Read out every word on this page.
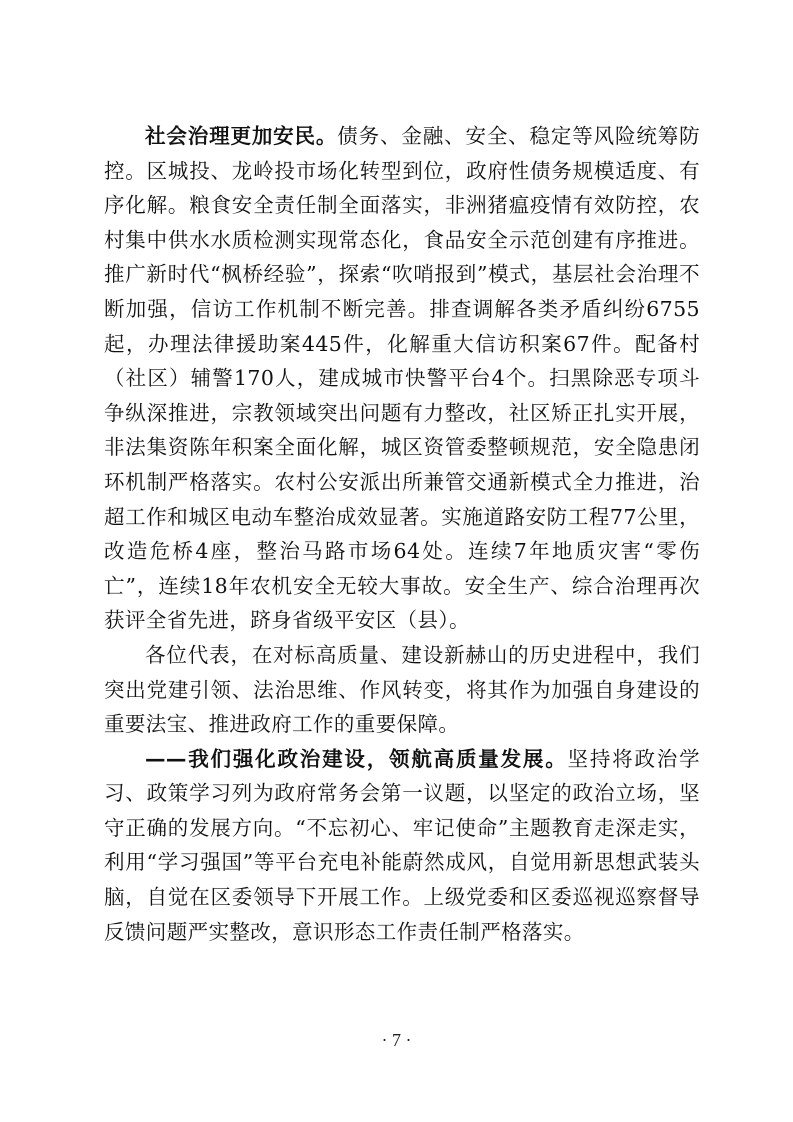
社会治理更加安民。债务、金融、安全、稳定等风险统筹防控。区城投、龙岭投市场化转型到位，政府性债务规模适度、有序化解。粮食安全责任制全面落实，非洲猪瘟疫情有效防控，农村集中供水水质检测实现常态化，食品安全示范创建有序推进。推广新时代“枫桥经验”，探索“吹哨报到”模式，基层社会治理不断加强，信访工作机制不断完善。排查调解各类矛盾纠纷6755起，办理法律援助案445件，化解重大信访积案67件。配备村（社区）辅警170人，建成城市快警平台4个。扫黑除恶专项斗争纵深推进，宗教领域突出问题有力整改，社区矫正扎实开展，非法集资陈年积案全面化解，城区资管委整顿规范，安全隐患闭环机制严格落实。农村公安派出所兼管交通新模式全力推进，治超工作和城区电动车整治成效显著。实施道路安防工程77公里，改造危桥4座，整治马路市场64处。连续7年地质灾害“零伤亡”，连续18年农机安全无较大事故。安全生产、综合治理再次获评全省先进，跻身省级平安区（县）。

各位代表，在对标高质量、建设新赫山的历史进程中，我们突出党建引领、法治思维、作风转变，将其作为加强自身建设的重要法宝、推进政府工作的重要保障。

——我们强化政治建设，领航高质量发展。坚持将政治学习、政策学习列为政府常务会第一议题，以坚定的政治立场，坚守正确的发展方向。“不忘初心、牢记使命”主题教育走深走实，利用“学习强国”等平台充电补能蔚然成风，自觉用新思想武装头脑，自觉在区委领导下开展工作。上级党委和区委巡视巡察督导反馈问题严实整改，意识形态工作责任制严格落实。

· 7 ·
